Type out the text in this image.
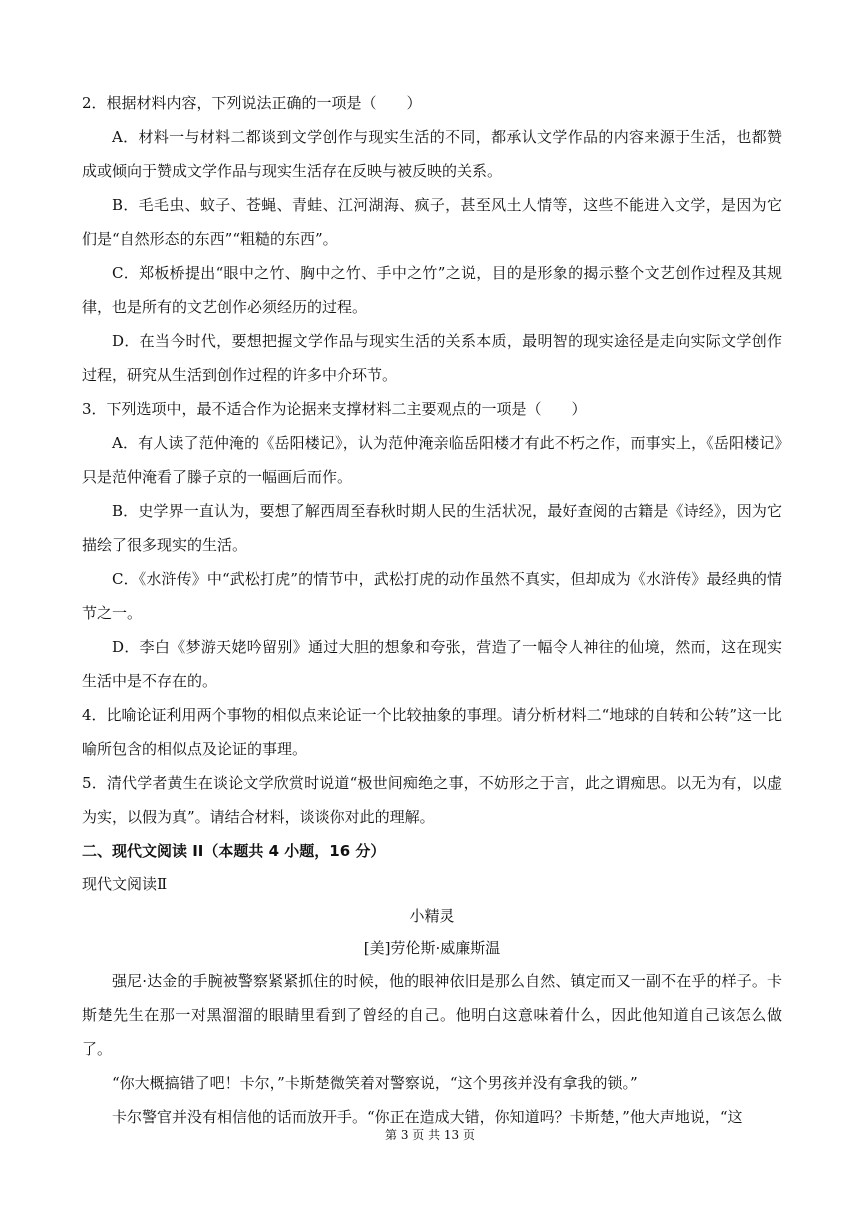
2．根据材料内容，下列说法正确的一项是（　　）

A．材料一与材料二都谈到文学创作与现实生活的不同，都承认文学作品的内容来源于生活，也都赞成或倾向于赞成文学作品与现实生活存在反映与被反映的关系。

B．毛毛虫、蚊子、苍蝇、青蛙、江河湖海、疯子，甚至风土人情等，这些不能进入文学，是因为它们是“自然形态的东西”“粗糙的东西”。

C．郑板桥提出“眼中之竹、胸中之竹、手中之竹”之说，目的是形象的揭示整个文艺创作过程及其规律，也是所有的文艺创作必须经历的过程。

D．在当今时代，要想把握文学作品与现实生活的关系本质，最明智的现实途径是走向实际文学创作过程，研究从生活到创作过程的许多中介环节。

3．下列选项中，最不适合作为论据来支撑材料二主要观点的一项是（　　）

A．有人读了范仲淹的《岳阳楼记》，认为范仲淹亲临岳阳楼才有此不朽之作，而事实上，《岳阳楼记》只是范仲淹看了滕子京的一幅画后而作。

B．史学界一直认为，要想了解西周至春秋时期人民的生活状况，最好查阅的古籍是《诗经》，因为它描绘了很多现实的生活。

C．《水浒传》中“武松打虎”的情节中，武松打虎的动作虽然不真实，但却成为《水浒传》最经典的情节之一。

D．李白《梦游天姥吟留别》通过大胆的想象和夸张，营造了一幅令人神往的仙境，然而，这在现实生活中是不存在的。

4．比喻论证利用两个事物的相似点来论证一个比较抽象的事理。请分析材料二“地球的自转和公转”这一比喻所包含的相似点及论证的事理。

5．清代学者黄生在谈论文学欣赏时说道“极世间痴绝之事，不妨形之于言，此之谓痴思。以无为有，以虚为实，以假为真”。请结合材料，谈谈你对此的理解。

二、现代文阅读 II（本题共 4 小题，16 分）

现代文阅读Ⅱ

小精灵

[美]劳伦斯·威廉斯温

强尼·达金的手腕被警察紧紧抓住的时候，他的眼神依旧是那么自然、镇定而又一副不在乎的样子。卡斯楚先生在那一对黑溜溜的眼睛里看到了曾经的自己。他明白这意味着什么，因此他知道自己该怎么做了。

“你大概搞错了吧！卡尔，”卡斯楚微笑着对警察说，“这个男孩并没有拿我的锁。”

卡尔警官并没有相信他的话而放开手。“你正在造成大错，你知道吗？卡斯楚，”他大声地说，“这

第 3 页 共 13 页
